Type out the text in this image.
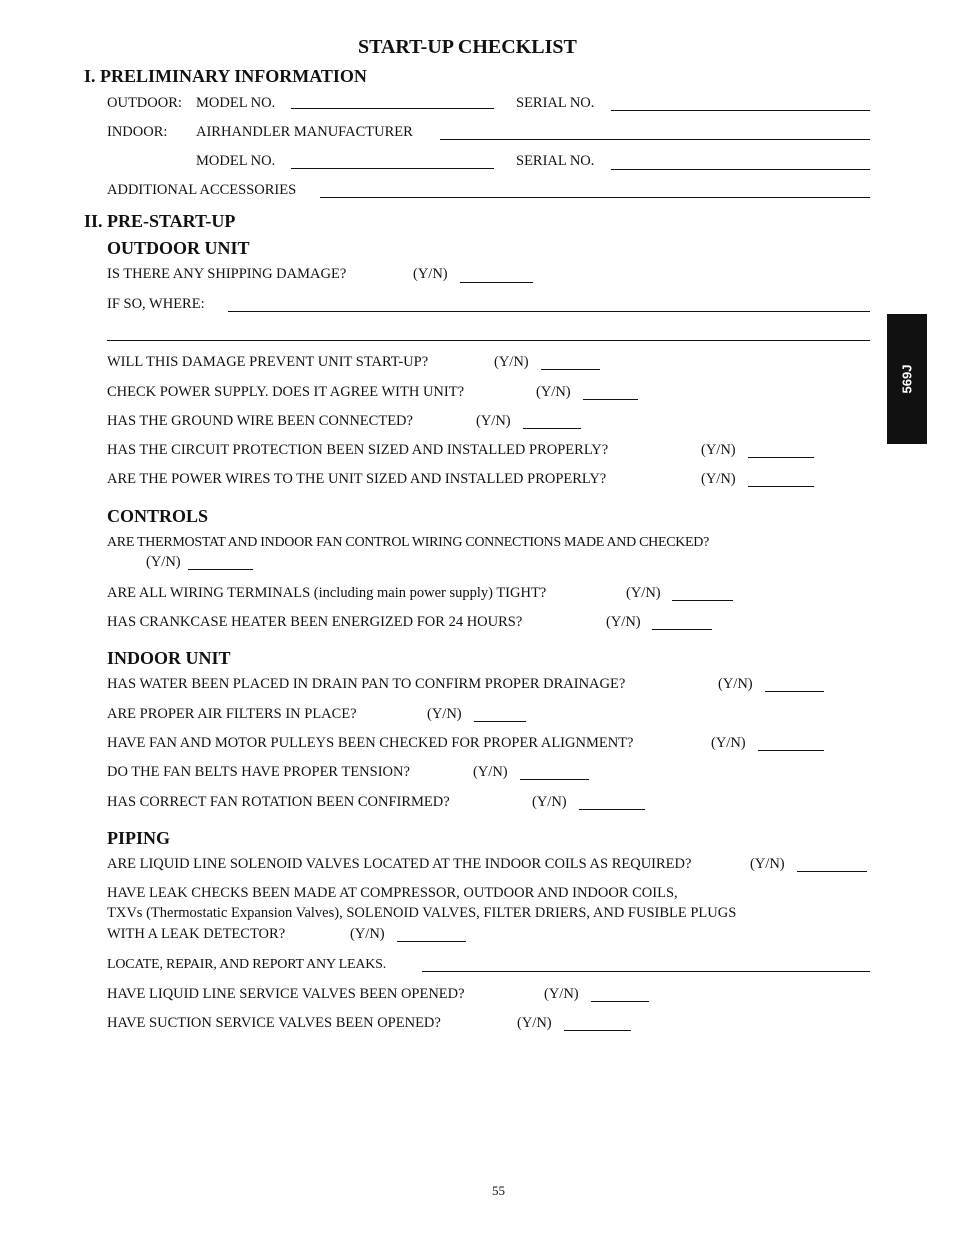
START-UP CHECKLIST
I. PRELIMINARY INFORMATION
OUTDOOR: MODEL NO.	SERIAL NO.
INDOOR: AIRHANDLER MANUFACTURER
MODEL NO.	SERIAL NO.
ADDITIONAL ACCESSORIES
II. PRE-START-UP
OUTDOOR UNIT
IS THERE ANY SHIPPING DAMAGE?	(Y/N)
IF SO, WHERE:
WILL THIS DAMAGE PREVENT UNIT START-UP?	(Y/N)
CHECK POWER SUPPLY. DOES IT AGREE WITH UNIT?	(Y/N)
HAS THE GROUND WIRE BEEN CONNECTED?	(Y/N)
HAS THE CIRCUIT PROTECTION BEEN SIZED AND INSTALLED PROPERLY?	(Y/N)
ARE THE POWER WIRES TO THE UNIT SIZED AND INSTALLED PROPERLY?	(Y/N)
CONTROLS
ARE THERMOSTAT AND INDOOR FAN CONTROL WIRING CONNECTIONS MADE AND CHECKED?
(Y/N)
ARE ALL WIRING TERMINALS (including main power supply) TIGHT?	(Y/N)
HAS CRANKCASE HEATER BEEN ENERGIZED FOR 24 HOURS?	(Y/N)
INDOOR UNIT
HAS WATER BEEN PLACED IN DRAIN PAN TO CONFIRM PROPER DRAINAGE?	(Y/N)
ARE PROPER AIR FILTERS IN PLACE?	(Y/N)
HAVE FAN AND MOTOR PULLEYS BEEN CHECKED FOR PROPER ALIGNMENT?	(Y/N)
DO THE FAN BELTS HAVE PROPER TENSION?	(Y/N)
HAS CORRECT FAN ROTATION BEEN CONFIRMED?	(Y/N)
PIPING
ARE LIQUID LINE SOLENOID VALVES LOCATED AT THE INDOOR COILS AS REQUIRED?	(Y/N)
HAVE LEAK CHECKS BEEN MADE AT COMPRESSOR, OUTDOOR AND INDOOR COILS,
TXVs (Thermostatic Expansion Valves), SOLENOID VALVES, FILTER DRIERS, AND FUSIBLE PLUGS
WITH A LEAK DETECTOR?	(Y/N)
LOCATE, REPAIR, AND REPORT ANY LEAKS.
HAVE LIQUID LINE SERVICE VALVES BEEN OPENED?	(Y/N)
HAVE SUCTION SERVICE VALVES BEEN OPENED?	(Y/N)
569J
55
